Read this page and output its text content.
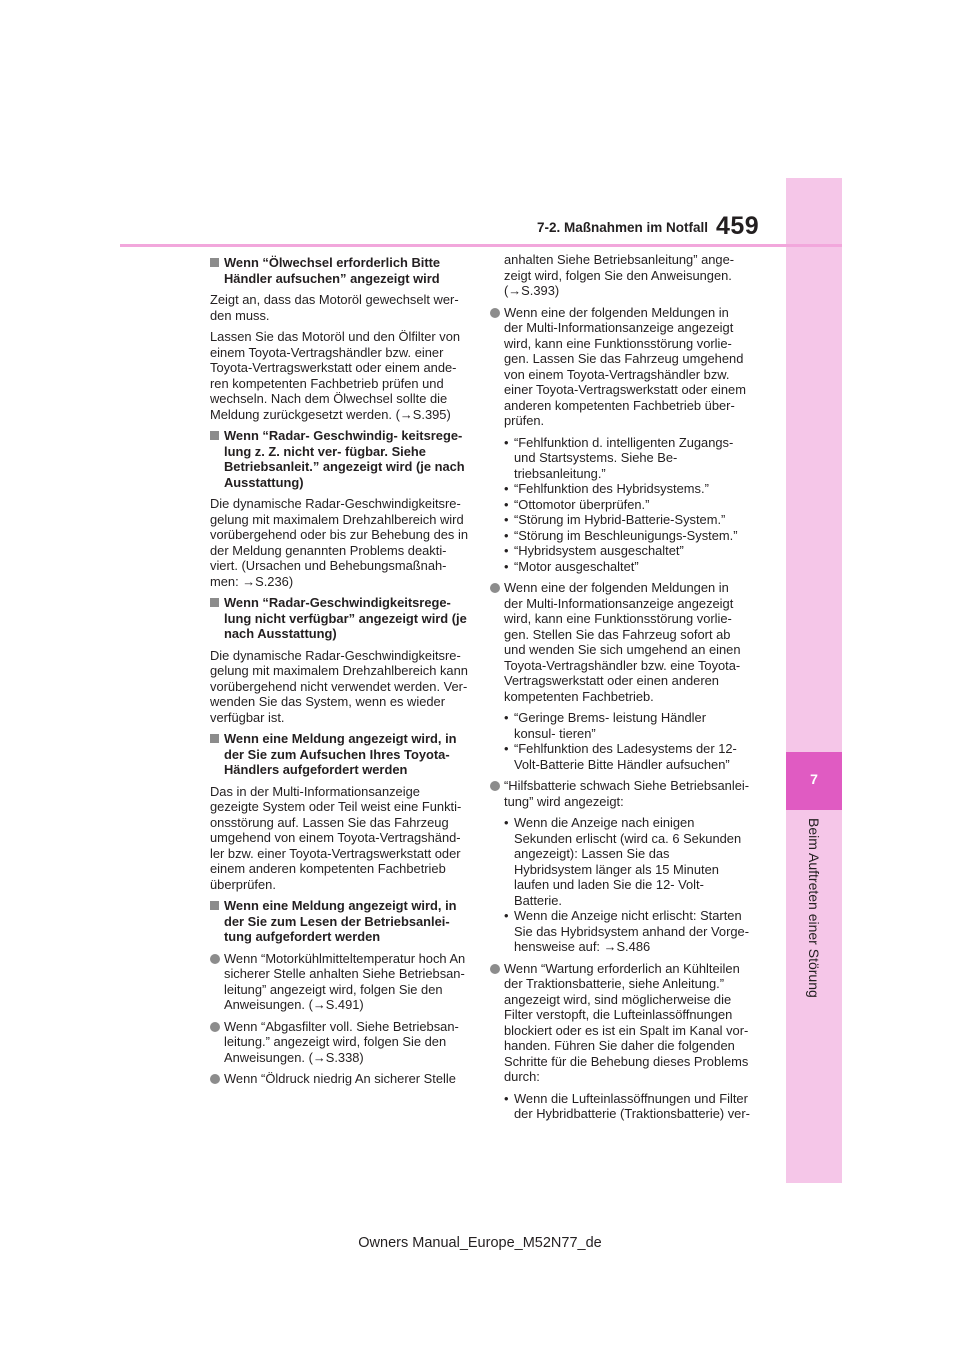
7
Beim Auftreten einer Störung
7-2. Maßnahmen im Notfall 459
Wenn “Ölwechsel erforderlich Bitte Händler aufsuchen” angezeigt wird

Zeigt an, dass das Motoröl gewechselt wer- den muss.

Lassen Sie das Motoröl und den Ölfilter von einem Toyota-Vertragshändler bzw. einer Toyota-Vertragswerkstatt oder einem ande- ren kompetenten Fachbetrieb prüfen und wechseln. Nach dem Ölwechsel sollte die Meldung zurückgesetzt werden. (→S.395)

Wenn “Radar- Geschwindig- keitsrege- lung z. Z. nicht ver- fügbar. Siehe Betriebsanleit.” angezeigt wird (je nach Ausstattung)

Die dynamische Radar-Geschwindigkeitsre- gelung mit maximalem Drehzahlbereich wird vorübergehend oder bis zur Behebung des in der Meldung genannten Problems deakti- viert. (Ursachen und Behebungsmaßnah- men: →S.236)

Wenn “Radar-Geschwindigkeitsrege- lung nicht verfügbar” angezeigt wird (je nach Ausstattung)

Die dynamische Radar-Geschwindigkeitsre- gelung mit maximalem Drehzahlbereich kann vorübergehend nicht verwendet werden. Ver- wenden Sie das System, wenn es wieder verfügbar ist.

Wenn eine Meldung angezeigt wird, in der Sie zum Aufsuchen Ihres Toyota- Händlers aufgefordert werden

Das in der Multi-Informationsanzeige gezeigte System oder Teil weist eine Funkti- onsstörung auf. Lassen Sie das Fahrzeug umgehend von einem Toyota-Vertragshänd- ler bzw. einer Toyota-Vertragswerkstatt oder einem anderen kompetenten Fachbetrieb überprüfen.

Wenn eine Meldung angezeigt wird, in der Sie zum Lesen der Betriebsanlei- tung aufgefordert werden
Wenn “Motorkühlmitteltemperatur hoch An sicherer Stelle anhalten Siehe Betriebsan- leitung” angezeigt wird, folgen Sie den Anweisungen. (→S.491)
Wenn “Abgasfilter voll. Siehe Betriebsan- leitung.” angezeigt wird, folgen Sie den Anweisungen. (→S.338)
Wenn “Öldruck niedrig An sicherer Stelle

anhalten Siehe Betriebsanleitung” ange- zeigt wird, folgen Sie den Anweisungen. (→S.393)

Wenn eine der folgenden Meldungen in der Multi-Informationsanzeige angezeigt wird, kann eine Funktionsstörung vorlie- gen. Lassen Sie das Fahrzeug umgehend von einem Toyota-Vertragshändler bzw. einer Toyota-Vertragswerkstatt oder einem anderen kompetenten Fachbetrieb über- prüfen.
• “Fehlfunktion d. intelligenten Zugangs- und Startsystems. Siehe Be- triebsanleitung.”
• “Fehlfunktion des Hybridsystems.”
• “Ottomotor überprüfen.”
• “Störung im Hybrid-Batterie-System.”
• “Störung im Beschleunigungs-System.”
• “Hybridsystem ausgeschaltet”
• “Motor ausgeschaltet”
Wenn eine der folgenden Meldungen in der Multi-Informationsanzeige angezeigt wird, kann eine Funktionsstörung vorlie- gen. Stellen Sie das Fahrzeug sofort ab und wenden Sie sich umgehend an einen Toyota-Vertragshändler bzw. eine Toyota- Vertragswerkstatt oder einen anderen kompetenten Fachbetrieb.
• “Geringe Brems- leistung Händler konsul- tieren”
• “Fehlfunktion des Ladesystems der 12- Volt-Batterie Bitte Händler aufsuchen”
“Hilfsbatterie schwach Siehe Betriebsanlei- tung” wird angezeigt:
• Wenn die Anzeige nach einigen Sekunden erlischt (wird ca. 6 Sekunden angezeigt): Lassen Sie das Hybridsystem länger als 15 Minuten laufen und laden Sie die 12- Volt-Batterie.
• Wenn die Anzeige nicht erlischt: Starten Sie das Hybridsystem anhand der Vorge- hensweise auf: →S.486
Wenn “Wartung erforderlich an Kühlteilen der Traktionsbatterie, siehe Anleitung.” angezeigt wird, sind möglicherweise die Filter verstopft, die Lufteinlassöffnungen blockiert oder es ist ein Spalt im Kanal vor- handen. Führen Sie daher die folgenden Schritte für die Behebung dieses Problems durch:
• Wenn die Lufteinlassöffnungen und Filter der Hybridbatterie (Traktionsbatterie) ver-
Owners Manual_Europe_M52N77_de
